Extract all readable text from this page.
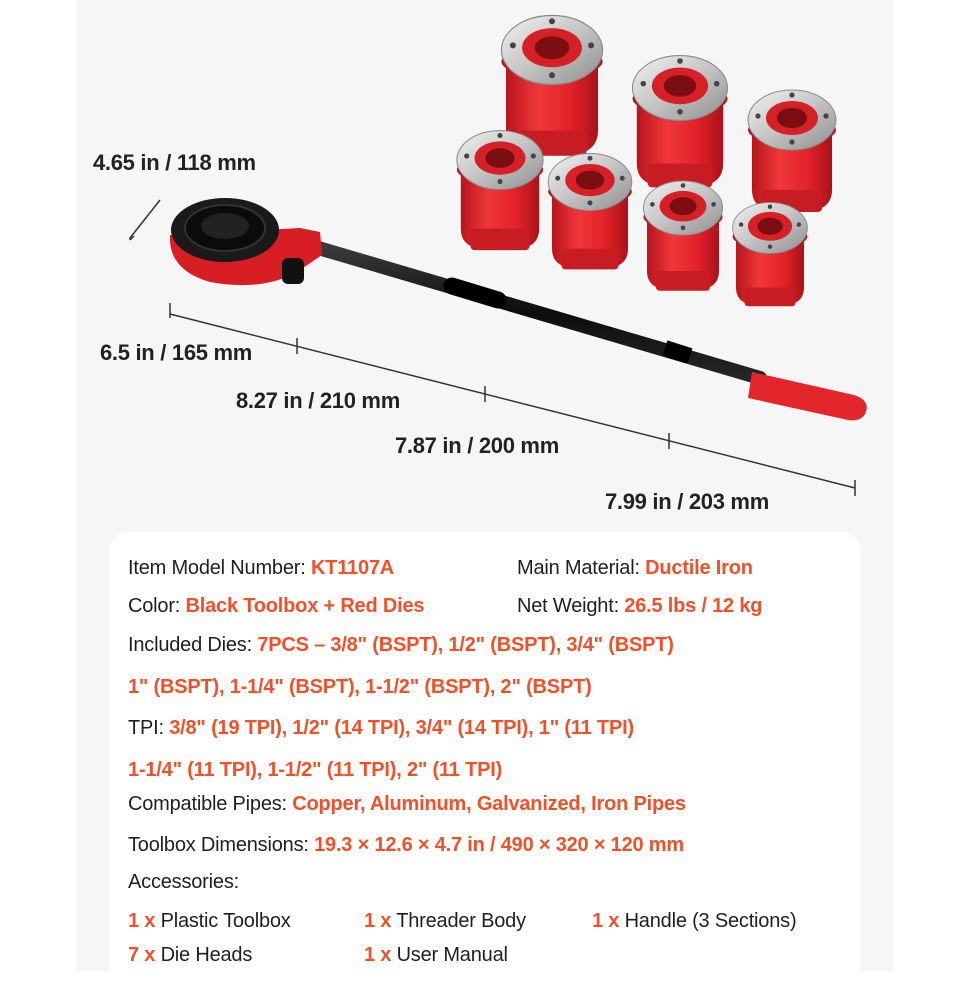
4.65 in / 118 mm
6.5 in / 165 mm
8.27 in / 210 mm
7.87 in / 200 mm
7.99 in / 203 mm
Item Model Number: KT1107A	Main Material: Ductile Iron
Color: Black Toolbox + Red Dies	Net Weight: 26.5 lbs / 12 kg
Included Dies: 7PCS – 3/8" (BSPT), 1/2" (BSPT), 3/4" (BSPT)
1" (BSPT), 1-1/4" (BSPT), 1-1/2" (BSPT), 2" (BSPT)
TPI: 3/8" (19 TPI), 1/2" (14 TPI), 3/4" (14 TPI), 1" (11 TPI)
1-1/4" (11 TPI), 1-1/2" (11 TPI), 2" (11 TPI)
Compatible Pipes: Copper, Aluminum, Galvanized, Iron Pipes
Toolbox Dimensions: 19.3 × 12.6 × 4.7 in / 490 × 320 × 120 mm
Accessories:
1 x Plastic Toolbox	1 x Threader Body	1 x Handle (3 Sections)
7 x Die Heads	1 x User Manual
